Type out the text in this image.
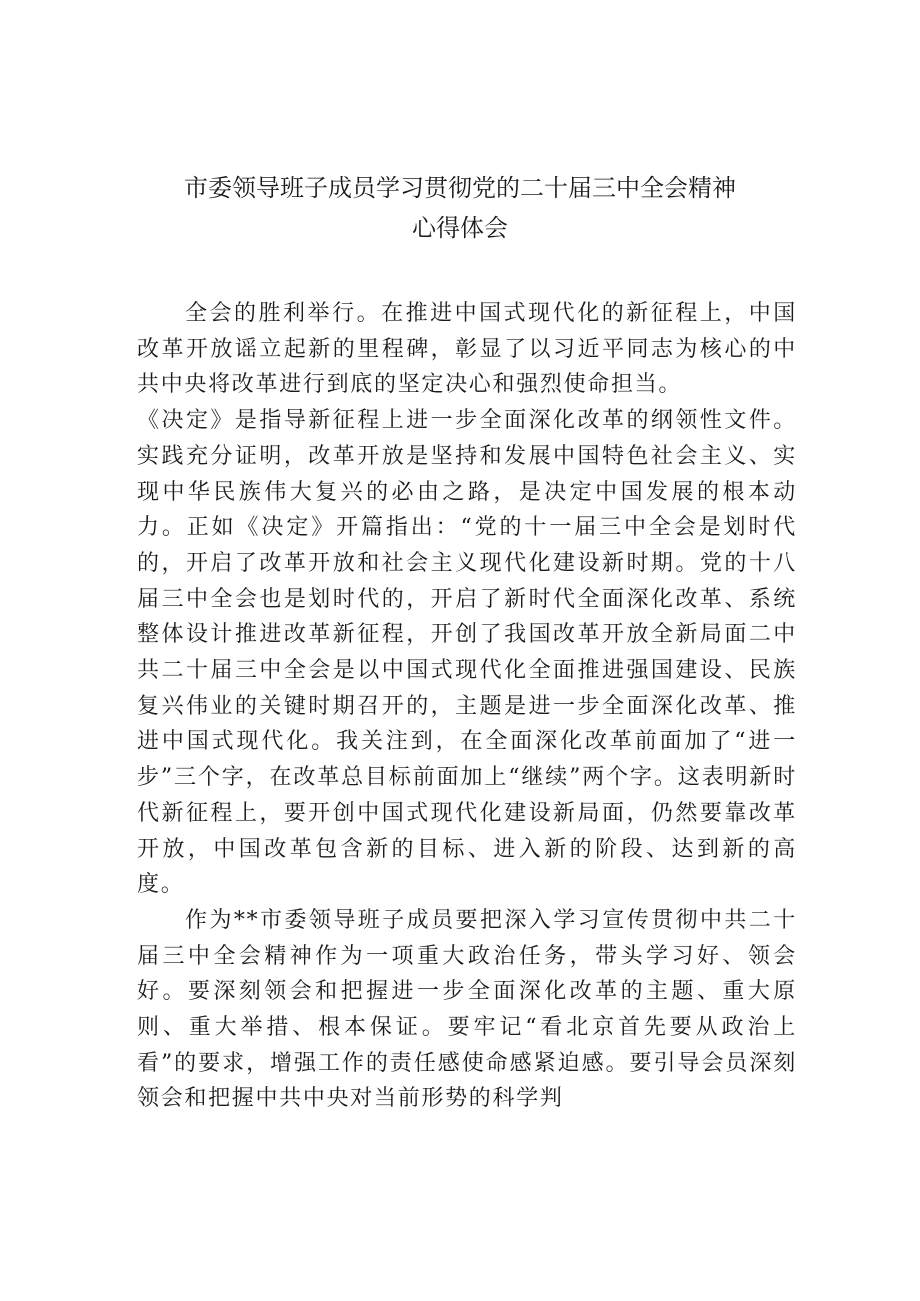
市委领导班子成员学习贯彻党的二十届三中全会精神
心得体会

全会的胜利举行。在推进中国式现代化的新征程上，中国改革开放谣立起新的里程碑，彰显了以习近平同志为核心的中共中央将改革进行到底的坚定决心和强烈使命担当。

《决定》是指导新征程上进一步全面深化改革的纲领性文件。实践充分证明，改革开放是坚持和发展中国特色社会主义、实现中华民族伟大复兴的必由之路，是决定中国发展的根本动力。正如《决定》开篇指出：“党的十一届三中全会是划时代的，开启了改革开放和社会主义现代化建设新时期。党的十八届三中全会也是划时代的，开启了新时代全面深化改革、系统整体设计推进改革新征程，开创了我国改革开放全新局面二中共二十届三中全会是以中国式现代化全面推进强国建设、民族复兴伟业的关键时期召开的，主题是进一步全面深化改革、推进中国式现代化。我关注到，在全面深化改革前面加了“进一步”三个字，在改革总目标前面加上“继续”两个字。这表明新时代新征程上，要开创中国式现代化建设新局面，仍然要靠改革开放，中国改革包含新的目标、进入新的阶段、达到新的高度。

作为**市委领导班子成员要把深入学习宣传贯彻中共二十届三中全会精神作为一项重大政治任务，带头学习好、领会好。要深刻领会和把握进一步全面深化改革的主题、重大原则、重大举措、根本保证。要牢记“看北京首先要从政治上看”的要求，增强工作的责任感使命感紧迫感。要引导会员深刻领会和把握中共中央对当前形势的科学判
